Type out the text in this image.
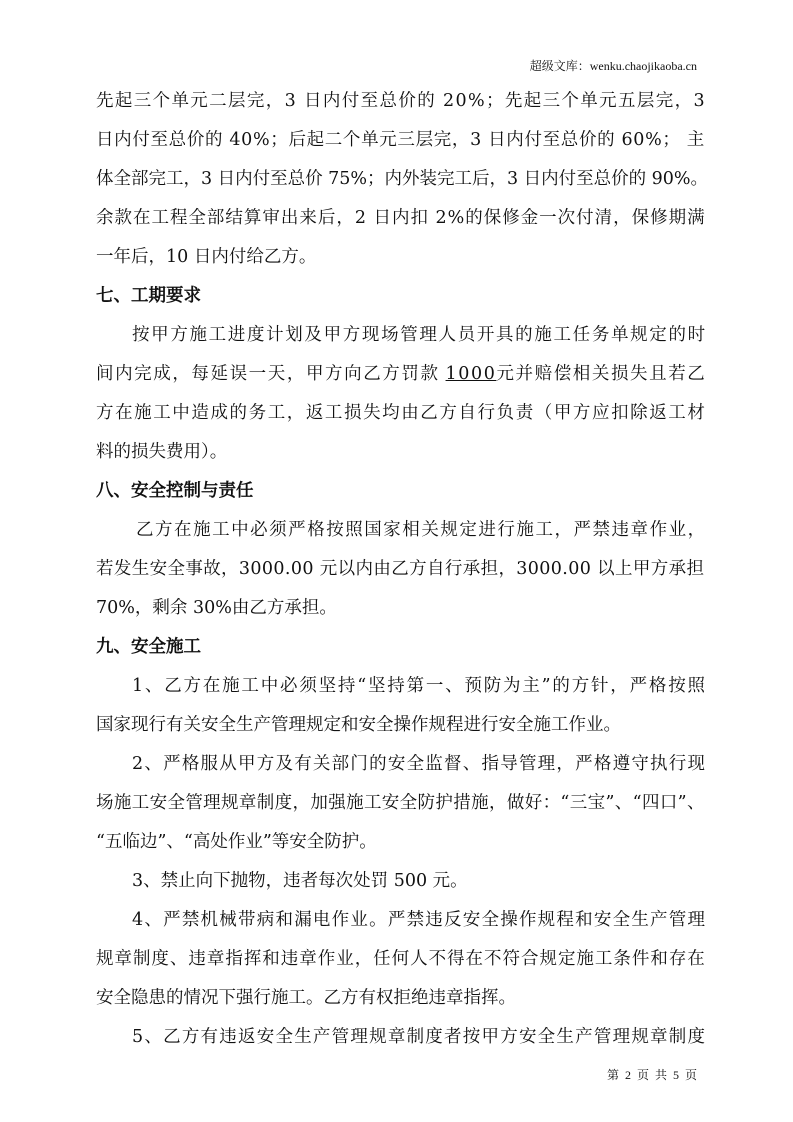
超级文库：wenku.chaojikaoba.cn
先起三个单元二层完，3 日内付至总价的 20%；先起三个单元五层完，3
日内付至总价的 40%；后起二个单元三层完，3 日内付至总价的 60%； 主
体全部完工，3 日内付至总价 75%；内外装完工后，3 日内付至总价的 90%。
余款在工程全部结算审出来后，2 日内扣 2%的保修金一次付清，保修期满
一年后，10 日内付给乙方。
七、工期要求
按甲方施工进度计划及甲方现场管理人员开具的施工任务单规定的时
间内完成，每延误一天，甲方向乙方罚款 1000元并赔偿相关损失且若乙
方在施工中造成的务工，返工损失均由乙方自行负责（甲方应扣除返工材
料的损失费用）。
八、安全控制与责任
乙方在施工中必须严格按照国家相关规定进行施工，严禁违章作业，
若发生安全事故，3000.00 元以内由乙方自行承担，3000.00 以上甲方承担
70%，剩余 30%由乙方承担。
九、安全施工
1、乙方在施工中必须坚持“坚持第一、预防为主”的方针，严格按照
国家现行有关安全生产管理规定和安全操作规程进行安全施工作业。
2、严格服从甲方及有关部门的安全监督、指导管理，严格遵守执行现
场施工安全管理规章制度，加强施工安全防护措施，做好：“三宝”、“四口”、
“五临边”、“高处作业”等安全防护。
3、禁止向下抛物，违者每次处罚 500 元。
4、严禁机械带病和漏电作业。严禁违反安全操作规程和安全生产管理
规章制度、违章指挥和违章作业，任何人不得在不符合规定施工条件和存在
安全隐患的情况下强行施工。乙方有权拒绝违章指挥。
5、乙方有违返安全生产管理规章制度者按甲方安全生产管理规章制度
第 2 页 共 5 页
